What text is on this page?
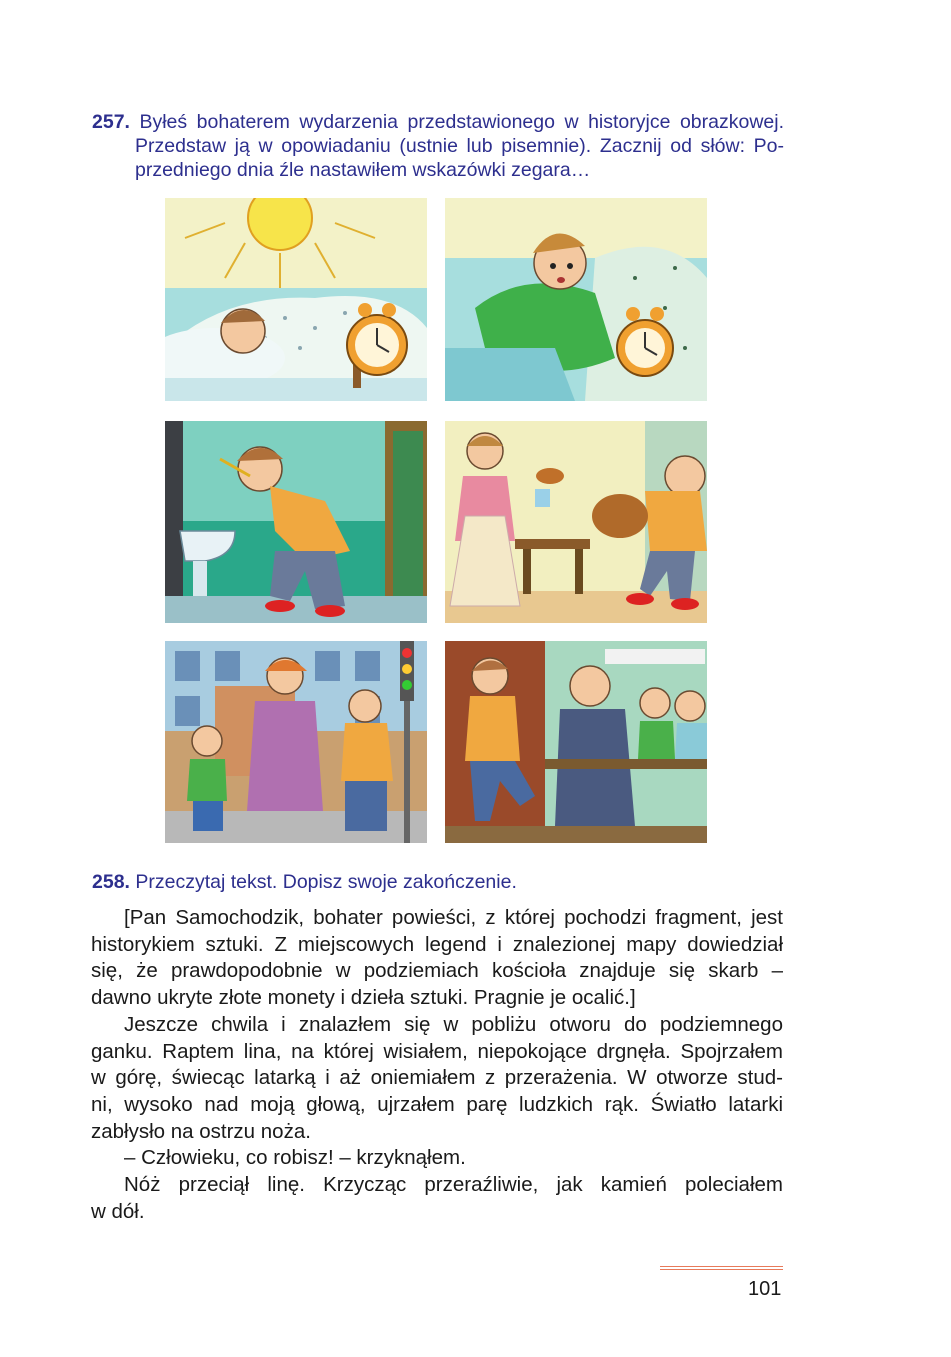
257. Byłeś bohaterem wydarzenia przedstawionego w historyjce obrazkowej.
Przedstaw ją w opowiadaniu (ustnie lub pisemnie). Zacznij od słów: Po-
przedniego dnia źle nastawiłem wskazówki zegara…
258. Przeczytaj tekst. Dopisz swoje zakończenie.
[Pan Samochodzik, bohater powieści, z której pochodzi fragment, jest
historykiem sztuki. Z miejscowych legend i znalezionej mapy dowiedział
się, że prawdopodobnie w podziemiach kościoła znajduje się skarb –
dawno ukryte złote monety i dzieła sztuki. Pragnie je ocalić.]
Jeszcze chwila i znalazłem się w pobliżu otworu do podziemnego
ganku. Raptem lina, na której wisiałem, niepokojące drgnęła. Spojrzałem
w górę, świecąc latarką i aż oniemiałem z przerażenia. W otworze stud-
ni, wysoko nad moją głową, ujrzałem parę ludzkich rąk. Światło latarki
zabłysło na ostrzu noża.
– Człowieku, co robisz! – krzyknąłem.
Nóż przeciął linę. Krzycząc przeraźliwie, jak kamień poleciałem
w dół.
101
